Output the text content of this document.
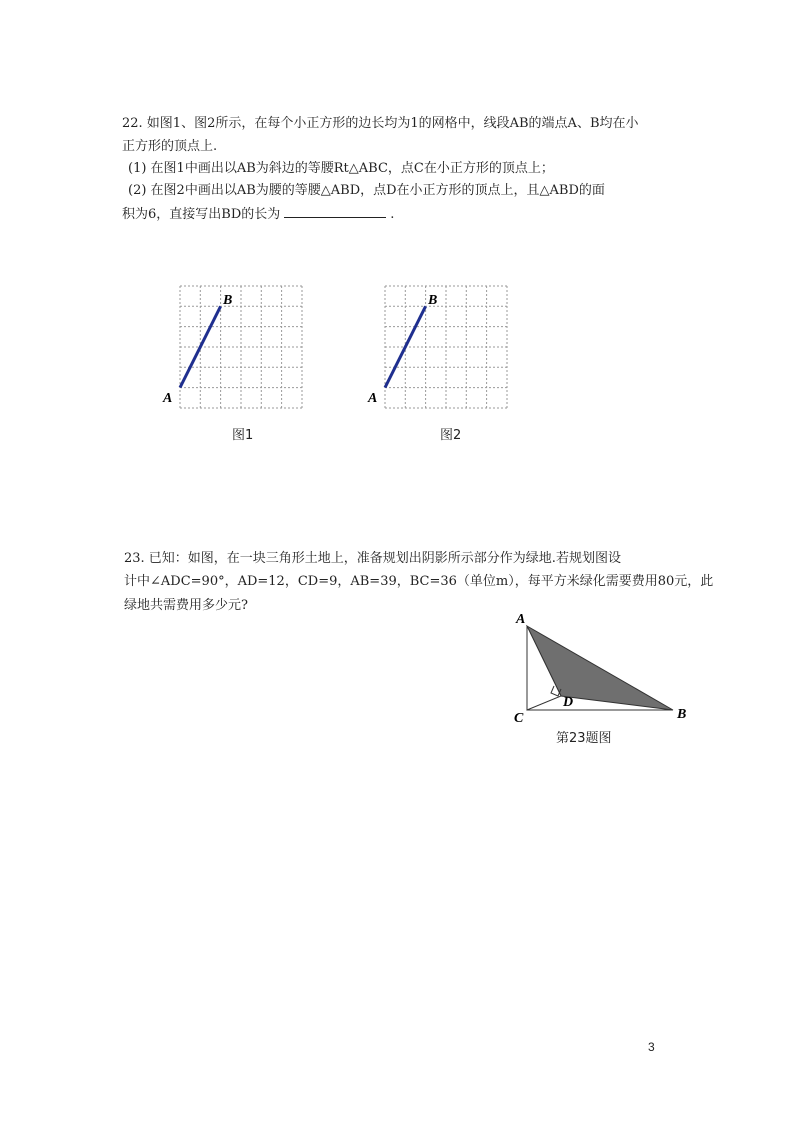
22. 如图1、图2所示，在每个小正方形的边长均为1的网格中，线段AB的端点A、B均在小
正方形的顶点上.
(1) 在图1中画出以AB为斜边的等腰Rt△ABC，点C在小正方形的顶点上；
(2) 在图2中画出以AB为腰的等腰△ABD，点D在小正方形的顶点上，且△ABD的面
积为6，直接写出BD的长为	.
A
B
图1
A
B
图2
23. 已知：如图，在一块三角形土地上，准备规划出阴影所示部分作为绿地.若规划图设
计中∠ADC=90°，AD=12，CD=9，AB=39，BC=36（单位m），每平方米绿化需要费用80元，此
绿地共需费用多少元?
A
B
C
D
第23题图
3
